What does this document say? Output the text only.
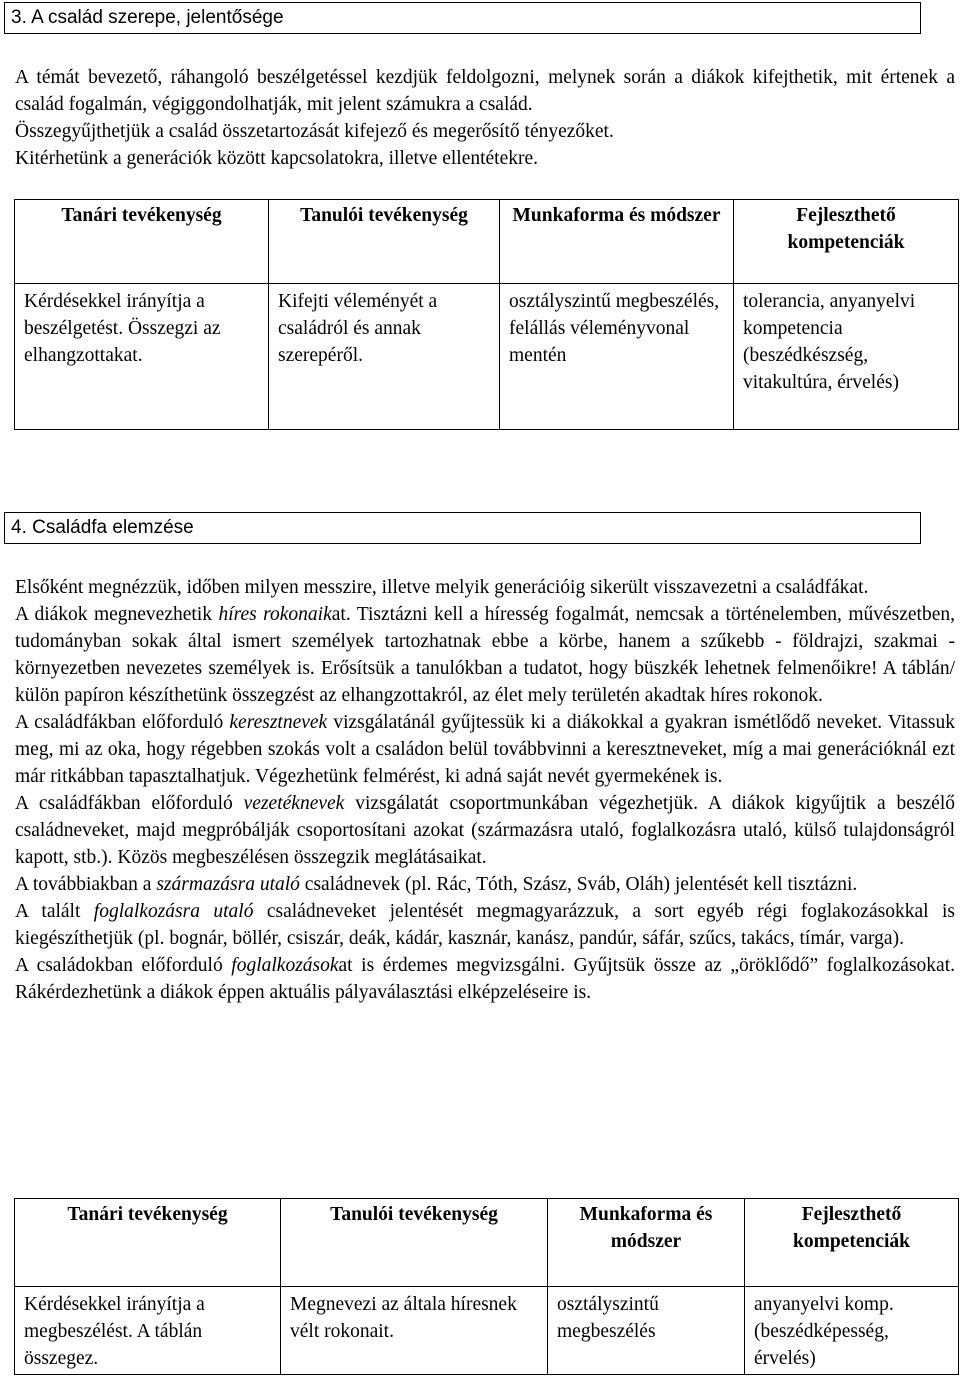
3. A család szerepe, jelentősége

A témát bevezető, ráhangoló beszélgetéssel kezdjük feldolgozni, melynek során a diákok kifejthetik, mit értenek a család fogalmán, végiggondolhatják, mit jelent számukra a család.

Összegyűjthetjük a család összetartozását kifejező és megerősítő tényezőket.

Kitérhetünk a generációk között kapcsolatokra, illetve ellentétekre.

Tanári tevékenység	Tanulói tevékenység	Munkaforma és módszer	Fejleszthető kompetenciák
Kérdésekkel irányítja a beszélgetést. Összegzi az elhangzottakat.	Kifejti véleményét a családról és annak szerepéről.	osztályszintű megbeszélés, felállás véleményvonal mentén	tolerancia, anyanyelvi kompetencia (beszédkészség, vitakultúra, érvelés)
4. Családfa elemzése

Elsőként megnézzük, időben milyen messzire, illetve melyik generációig sikerült visszavezetni a családfákat.

A diákok megnevezhetik híres rokonaikat. Tisztázni kell a híresség fogalmát, nemcsak a történelemben, művészetben, tudományban sokak által ismert személyek tartozhatnak ebbe a körbe, hanem a szűkebb - földrajzi, szakmai - környezetben nevezetes személyek is. Erősítsük a tanulókban a tudatot, hogy büszkék lehetnek felmenőikre! A táblán/ külön papíron készíthetünk összegzést az elhangzottakról, az élet mely területén akadtak híres rokonok.

A családfákban előforduló keresztnevek vizsgálatánál gyűjtessük ki a diákokkal a gyakran ismétlődő neveket. Vitassuk meg, mi az oka, hogy régebben szokás volt a családon belül továbbvinni a keresztneveket, míg a mai generációknál ezt már ritkábban tapasztalhatjuk. Végezhetünk felmérést, ki adná saját nevét gyermekének is.

A családfákban előforduló vezetéknevek vizsgálatát csoportmunkában végezhetjük. A diákok kigyűjtik a beszélő családneveket, majd megpróbálják csoportosítani azokat (származásra utaló, foglalkozásra utaló, külső tulajdonságról kapott, stb.). Közös megbeszélésen összegzik meglátásaikat.

A továbbiakban a származásra utaló családnevek (pl. Rác, Tóth, Szász, Sváb, Oláh) jelentését kell tisztázni.

A talált foglalkozásra utaló családneveket jelentését megmagyarázzuk, a sort egyéb régi foglakozásokkal is kiegészíthetjük (pl. bognár, böllér, csiszár, deák, kádár, kasznár, kanász, pandúr, sáfár, szűcs, takács, tímár, varga).

A családokban előforduló foglalkozásokat is érdemes megvizsgálni. Gyűjtsük össze az „öröklődő” foglalkozásokat. Rákérdezhetünk a diákok éppen aktuális pályaválasztási elképzeléseire is.

Tanári tevékenység	Tanulói tevékenység	Munkaforma és módszer	Fejleszthető kompetenciák
Kérdésekkel irányítja a megbeszélést. A táblán összegez.	Megnevezi az általa híresnek vélt rokonait.	osztályszintű megbeszélés	anyanyelvi komp. (beszédképesség, érvelés)
